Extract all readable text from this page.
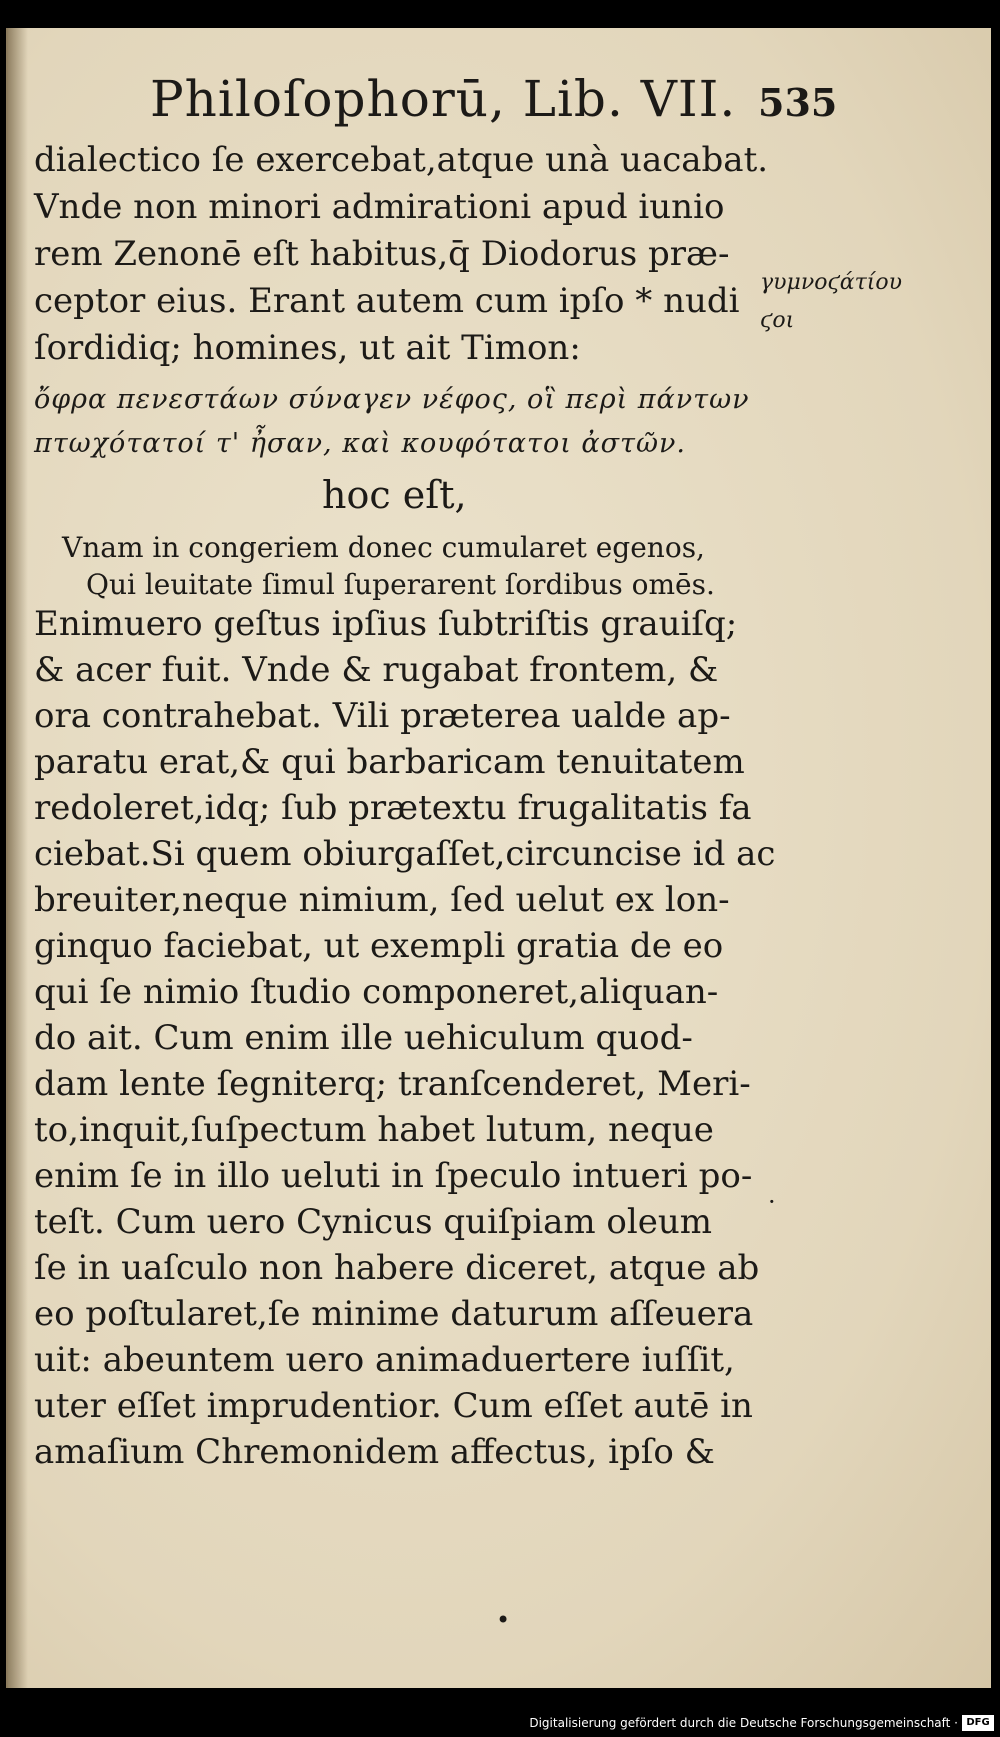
Philoſophorū, Lib. VII. 535
dialectico ſe exercebat,atque unà uacabat.
Vnde non minori admirationi apud iunio
rem Zenonē eſt habitus,q̄ Diodorus præ-
ceptor eius. Erant autem cum ipſo * nudi
ſordidiq; homines, ut ait Timon:
ὄφρα πενεστάων σύναγεν νέφος, οἳ περὶ πάντων
πτωχότατοί τ' ἦσαν, καὶ κουφότατοι ἀστῶν.
hoc eſt,
Vnam in congeriem donec cumularet egenos,
Qui leuitate ſimul ſuperarent ſordibus omēs.
Enimuero geſtus ipſius ſubtriſtis grauiſq;
& acer fuit. Vnde & rugabat frontem, &
ora contrahebat. Vili præterea ualde ap-
paratu erat,& qui barbaricam tenuitatem
redoleret,idq; ſub prætextu frugalitatis fa
ciebat.Si quem obiurgaſſet,circuncise id ac
breuiter,neque nimium, ſed uelut ex lon-
ginquo faciebat, ut exempli gratia de eo
qui ſe nimio ſtudio componeret,aliquan-
do ait. Cum enim ille uehiculum quod-
dam lente ſegniterq; tranſcenderet, Meri-
to,inquit,ſuſpectum habet lutum, neque
enim ſe in illo ueluti in ſpeculo intueri po-
teſt. Cum uero Cynicus quiſpiam oleum
ſe in uaſculo non habere diceret, atque ab
eo poſtularet,ſe minime daturum aſſeuera
uit: abeuntem uero animaduertere iuſſit,
uter eſſet imprudentior. Cum eſſet autē in
amaſium Chremonidem affectus, ipſo &
γυμνοϛάτίου
ϛοι
•
·
Digitalisierung gefördert durch die Deutsche Forschungsgemeinschaft · DFG
